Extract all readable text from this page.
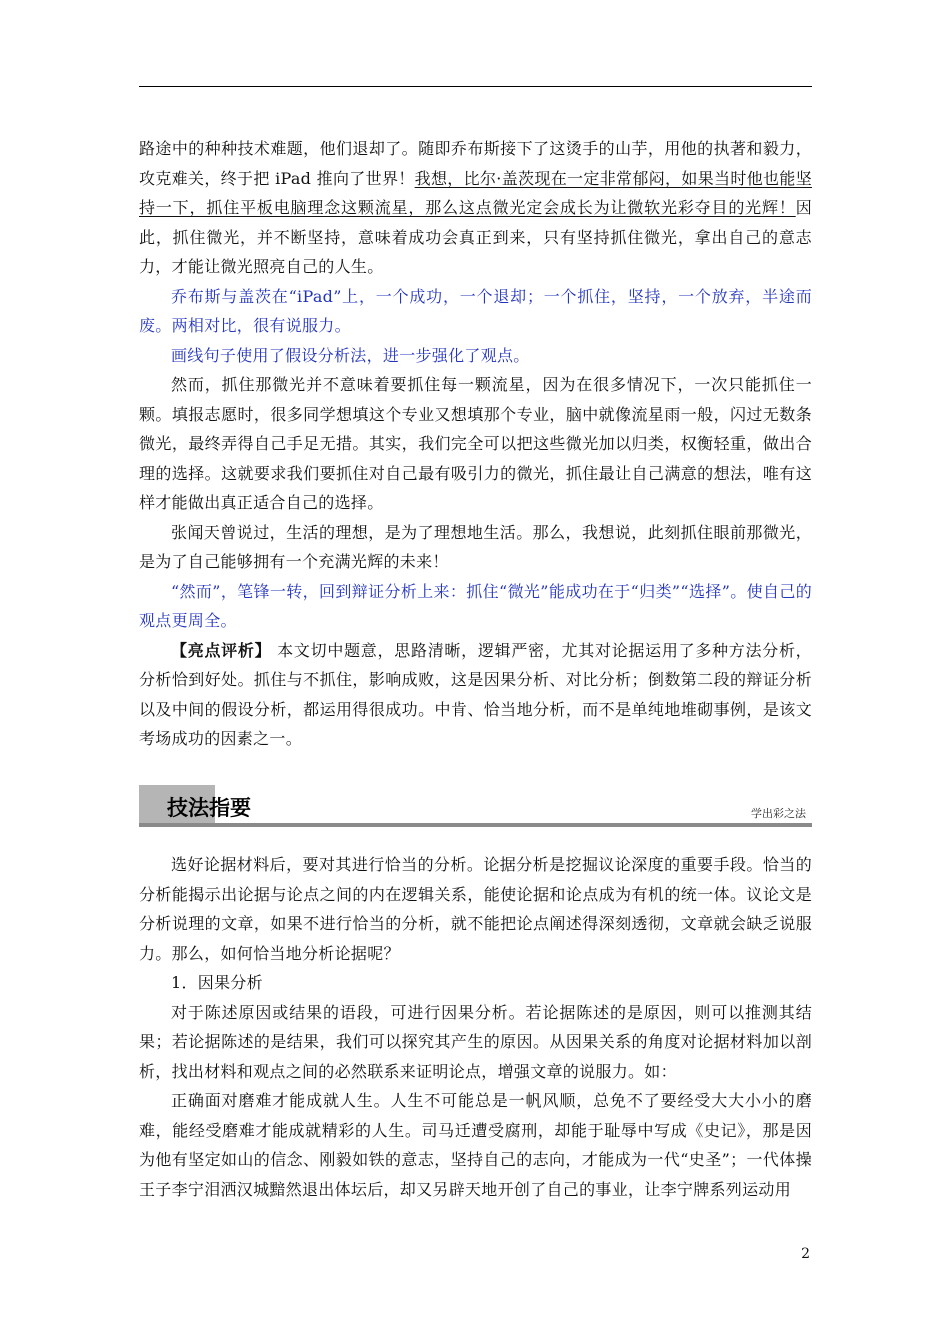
路途中的种种技术难题，他们退却了。随即乔布斯接下了这烫手的山芋，用他的执著和毅力，攻克难关，终于把 iPad 推向了世界！我想，比尔·盖茨现在一定非常郁闷，如果当时他也能坚持一下，抓住平板电脑理念这颗流星，那么这点微光定会成长为让微软光彩夺目的光辉！因此，抓住微光，并不断坚持，意味着成功会真正到来，只有坚持抓住微光，拿出自己的意志力，才能让微光照亮自己的人生。

乔布斯与盖茨在“iPad”上，一个成功，一个退却；一个抓住，坚持，一个放弃，半途而废。两相对比，很有说服力。

画线句子使用了假设分析法，进一步强化了观点。

然而，抓住那微光并不意味着要抓住每一颗流星，因为在很多情况下，一次只能抓住一颗。填报志愿时，很多同学想填这个专业又想填那个专业，脑中就像流星雨一般，闪过无数条微光，最终弄得自己手足无措。其实，我们完全可以把这些微光加以归类，权衡轻重，做出合理的选择。这就要求我们要抓住对自己最有吸引力的微光，抓住最让自己满意的想法，唯有这样才能做出真正适合自己的选择。

张闻天曾说过，生活的理想，是为了理想地生活。那么，我想说，此刻抓住眼前那微光，是为了自己能够拥有一个充满光辉的未来！

“然而”，笔锋一转，回到辩证分析上来：抓住“微光”能成功在于“归类”“选择”。使自己的观点更周全。

【亮点评析】 本文切中题意，思路清晰，逻辑严密，尤其对论据运用了多种方法分析，分析恰到好处。抓住与不抓住，影响成败，这是因果分析、对比分析；倒数第二段的辩证分析以及中间的假设分析，都运用得很成功。中肯、恰当地分析，而不是单纯地堆砌事例，是该文考场成功的因素之一。

技法指要	学出彩之法

选好论据材料后，要对其进行恰当的分析。论据分析是挖掘议论深度的重要手段。恰当的分析能揭示出论据与论点之间的内在逻辑关系，能使论据和论点成为有机的统一体。议论文是分析说理的文章，如果不进行恰当的分析，就不能把论点阐述得深刻透彻，文章就会缺乏说服力。那么，如何恰当地分析论据呢？

1．因果分析

对于陈述原因或结果的语段，可进行因果分析。若论据陈述的是原因，则可以推测其结果；若论据陈述的是结果，我们可以探究其产生的原因。从因果关系的角度对论据材料加以剖析，找出材料和观点之间的必然联系来证明论点，增强文章的说服力。如：

正确面对磨难才能成就人生。人生不可能总是一帆风顺，总免不了要经受大大小小的磨难，能经受磨难才能成就精彩的人生。司马迁遭受腐刑，却能于耻辱中写成《史记》，那是因为他有坚定如山的信念、刚毅如铁的意志，坚持自己的志向，才能成为一代“史圣”；一代体操王子李宁泪洒汉城黯然退出体坛后，却又另辟天地开创了自己的事业，让李宁牌系列运动用

2
